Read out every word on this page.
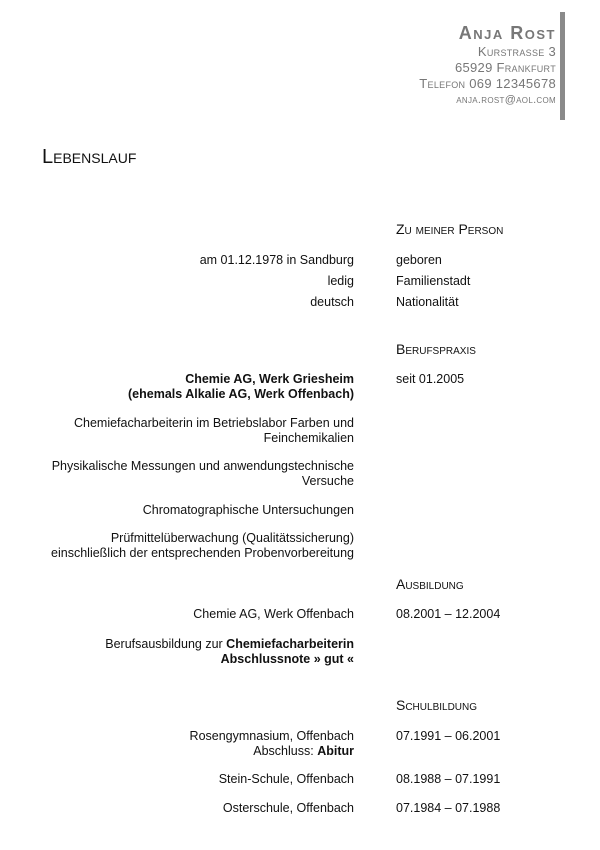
Anja Rost
Kurstrasse 3
65929 Frankfurt
Telefon 069 12345678
anja.rost@aol.com
Lebenslauf
Zu meiner Person
am 01.12.1978 in Sandburg	geboren
ledig	Familienstadt
deutsch	Nationalität
Berufspraxis
Chemie AG, Werk Griesheim
(ehemals Alkalie AG, Werk Offenbach)
seit 01.2005
Chemiefacharbeiterin im Betriebslabor Farben und
Feinchemikalien
Physikalische Messungen und anwendungstechnische
Versuche
Chromatographische Untersuchungen
Prüfmittelüberwachung (Qualitätssicherung)
einschließlich der entsprechenden Probenvorbereitung
Ausbildung
Chemie AG, Werk Offenbach	08.2001 – 12.2004
Berufsausbildung zur Chemiefacharbeiterin
Abschlussnote » gut «
Schulbildung
Rosengymnasium, Offenbach
Abschluss: Abitur
07.1991 – 06.2001
Stein-Schule, Offenbach	08.1988 – 07.1991
Osterschule, Offenbach	07.1984 – 07.1988
